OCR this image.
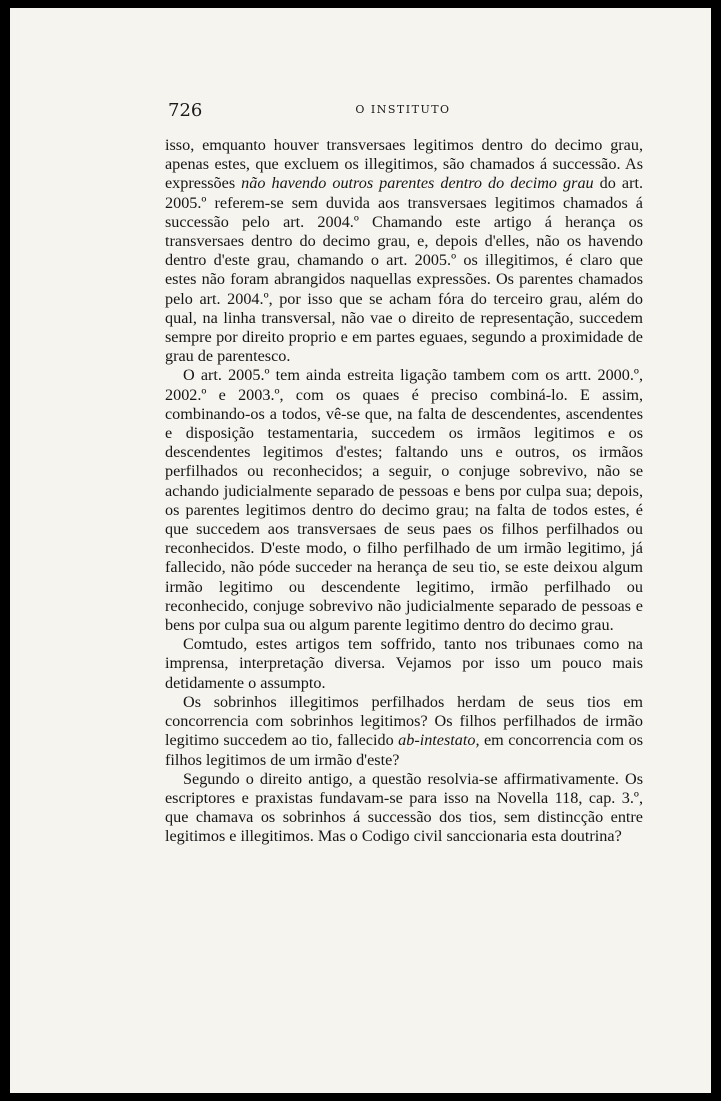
726	O INSTITUTO

isso, emquanto houver transversaes legitimos dentro do decimo grau, apenas estes, que excluem os illegitimos, são chamados á successão. As expressões não havendo outros parentes dentro do decimo grau do art. 2005.º referem-se sem duvida aos transversaes legitimos chamados á successão pelo art. 2004.º Chamando este artigo á herança os transversaes dentro do decimo grau, e, depois d'elles, não os havendo dentro d'este grau, chamando o art. 2005.º os illegitimos, é claro que estes não foram abrangidos naquellas expressões. Os parentes chamados pelo art. 2004.º, por isso que se acham fóra do terceiro grau, além do qual, na linha transversal, não vae o direito de representação, succedem sempre por direito proprio e em partes eguaes, segundo a proximidade de grau de parentesco.

O art. 2005.º tem ainda estreita ligação tambem com os artt. 2000.º, 2002.º e 2003.º, com os quaes é preciso combiná-lo. E assim, combinando-os a todos, vê-se que, na falta de descendentes, ascendentes e disposição testamentaria, succedem os irmãos legitimos e os descendentes legitimos d'estes; faltando uns e outros, os irmãos perfilhados ou reconhecidos; a seguir, o conjuge sobrevivo, não se achando judicialmente separado de pessoas e bens por culpa sua; depois, os parentes legitimos dentro do decimo grau; na falta de todos estes, é que succedem aos transversaes de seus paes os filhos perfilhados ou reconhecidos. D'este modo, o filho perfilhado de um irmão legitimo, já fallecido, não póde succeder na herança de seu tio, se este deixou algum irmão legitimo ou descendente legitimo, irmão perfilhado ou reconhecido, conjuge sobrevivo não judicialmente separado de pessoas e bens por culpa sua ou algum parente legitimo dentro do decimo grau.

Comtudo, estes artigos tem soffrido, tanto nos tribunaes como na imprensa, interpretação diversa. Vejamos por isso um pouco mais detidamente o assumpto.

Os sobrinhos illegitimos perfilhados herdam de seus tios em concorrencia com sobrinhos legitimos? Os filhos perfilhados de irmão legitimo succedem ao tio, fallecido ab-intestato, em concorrencia com os filhos legitimos de um irmão d'este?

Segundo o direito antigo, a questão resolvia-se affirmativamente. Os escriptores e praxistas fundavam-se para isso na Novella 118, cap. 3.º, que chamava os sobrinhos á successão dos tios, sem distincção entre legitimos e illegitimos. Mas o Codigo civil sanccionaria esta doutrina?
